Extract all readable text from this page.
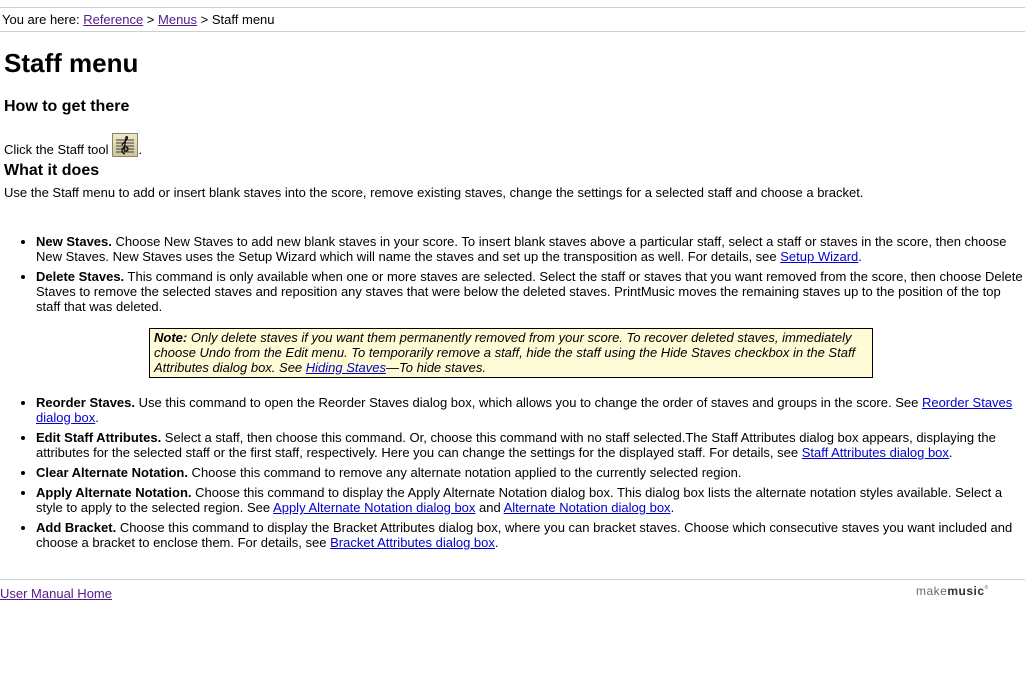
You are here: Reference > Menus > Staff menu
Staff menu
How to get there

Click the Staff tool .

What it does

Use the Staff menu to add or insert blank staves into the score, remove existing staves, change the settings for a selected staff and choose a bracket.

• New Staves. Choose New Staves to add new blank staves in your score. To insert blank staves above a particular staff, select a staff or staves in the score, then choose New Staves. New Staves uses the Setup Wizard which will name the staves and set up the transposition as well. For details, see Setup Wizard.
• Delete Staves. This command is only available when one or more staves are selected. Select the staff or staves that you want removed from the score, then choose Delete Staves to remove the selected staves and reposition any staves that were below the deleted staves. PrintMusic moves the remaining staves up to the position of the top staff that was deleted.
Note: Only delete staves if you want them permanently removed from your score. To recover deleted staves, immediately choose Undo from the Edit menu. To temporarily remove a staff, hide the staff using the Hide Staves checkbox in the Staff Attributes dialog box. See Hiding Staves—To hide staves.
• Reorder Staves. Use this command to open the Reorder Staves dialog box, which allows you to change the order of staves and groups in the score. See Reorder Staves dialog box.
• Edit Staff Attributes. Select a staff, then choose this command. Or, choose this command with no staff selected.The Staff Attributes dialog box appears, displaying the attributes for the selected staff or the first staff, respectively. Here you can change the settings for the displayed staff. For details, see Staff Attributes dialog box.
• Clear Alternate Notation. Choose this command to remove any alternate notation applied to the currently selected region.
• Apply Alternate Notation. Choose this command to display the Apply Alternate Notation dialog box. This dialog box lists the alternate notation styles available. Select a style to apply to the selected region. See Apply Alternate Notation dialog box and Alternate Notation dialog box.
• Add Bracket. Choose this command to display the Bracket Attributes dialog box, where you can bracket staves. Choose which consecutive staves you want included and choose a bracket to enclose them. For details, see Bracket Attributes dialog box.
User Manual Home	makemusic®
